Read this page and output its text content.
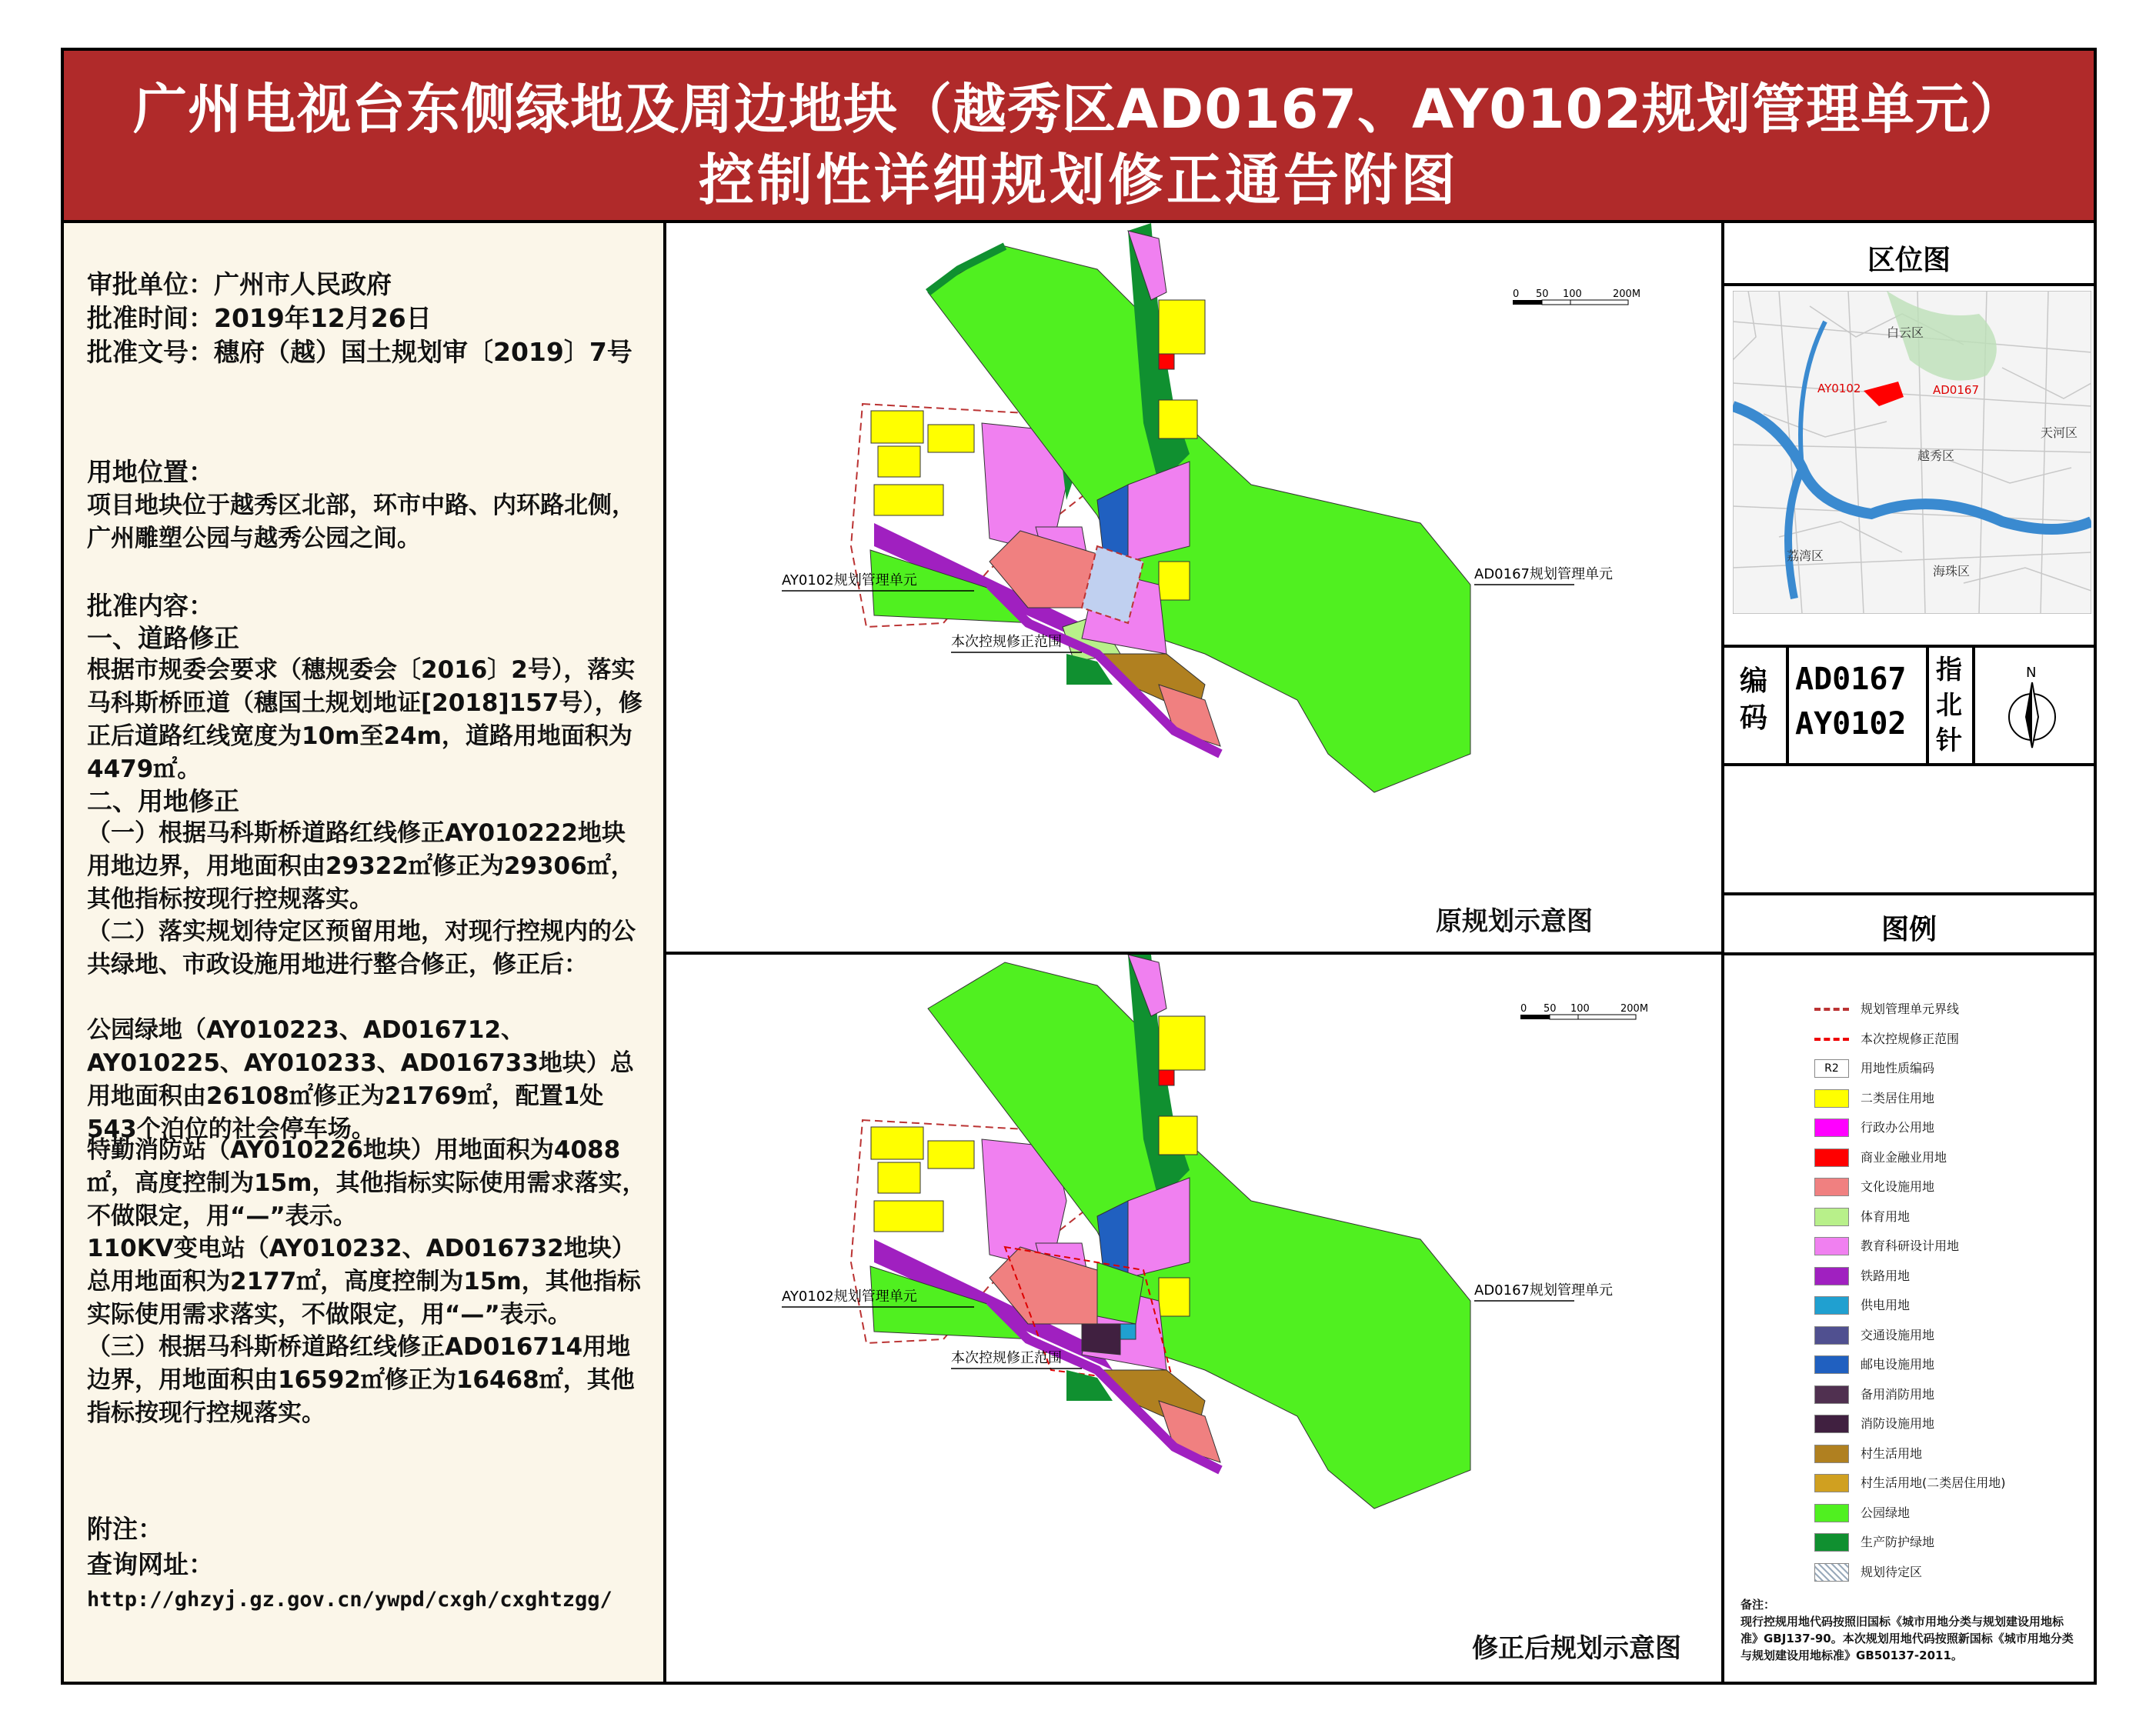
广州电视台东侧绿地及周边地块（越秀区AD0167、AY0102规划管理单元）
控制性详细规划修正通告附图
审批单位：广州市人民政府
批准时间：2019年12月26日
批准文号：穗府（越）国土规划审〔2019〕7号
用地位置：
项目地块位于越秀区北部，环市中路、内环路北侧，广州雕塑公园与越秀公园之间。
批准内容：
一、道路修正
根据市规委会要求（穗规委会〔2016〕2号），落实马科斯桥匝道（穗国土规划地证[2018]157号），修正后道路红线宽度为10m至24m，道路用地面积为4479㎡。
二、用地修正
（一）根据马科斯桥道路红线修正AY010222地块用地边界，用地面积由29322㎡修正为29306㎡，其他指标按现行控规落实。
（二）落实规划待定区预留用地，对现行控规内的公共绿地、市政设施用地进行整合修正，修正后：
公园绿地（AY010223、AD016712、AY010225、AY010233、AD016733地块）总用地面积由26108㎡修正为21769㎡，配置1处543个泊位的社会停车场。
特勤消防站（AY010226地块）用地面积为4088㎡，高度控制为15m，其他指标实际使用需求落实，不做限定，用“—”表示。
110KV变电站（AY010232、AD016732地块）总用地面积为2177㎡，高度控制为15m，其他指标实际使用需求落实，不做限定，用“—”表示。
（三）根据马科斯桥道路红线修正AD016714用地边界，用地面积由16592㎡修正为16468㎡，其他指标按现行控规落实。
附注：
查询网址：
http://ghzyj.gz.gov.cn/ywpd/cxgh/cxghtzgg/
0 50 100	200M
AY0102规划管理单元	AD0167规划管理单元
本次控规修正范围
原规划示意图
0 50 100	200M
AY0102规划管理单元	AD0167规划管理单元
本次控规修正范围
修正后规划示意图
区位图
白云区
越秀区
天河区
荔湾区
海珠区
AY0102	AD0167
编码
AD0167
AY0102
指北针
N
图例
规划管理单元界线
本次控规修正范围
R2	用地性质编码
二类居住用地
行政办公用地
商业金融业用地
文化设施用地
体育用地
教育科研设计用地
铁路用地
供电用地
交通设施用地
邮电设施用地
备用消防用地
消防设施用地
村生活用地
村生活用地(二类居住用地)
公园绿地
生产防护绿地
规划待定区
备注：
现行控规用地代码按照旧国标《城市用地分类与规划建设用地标准》GBJ137-90。本次规划用地代码按照新国标《城市用地分类与规划建设用地标准》GB50137-2011。
